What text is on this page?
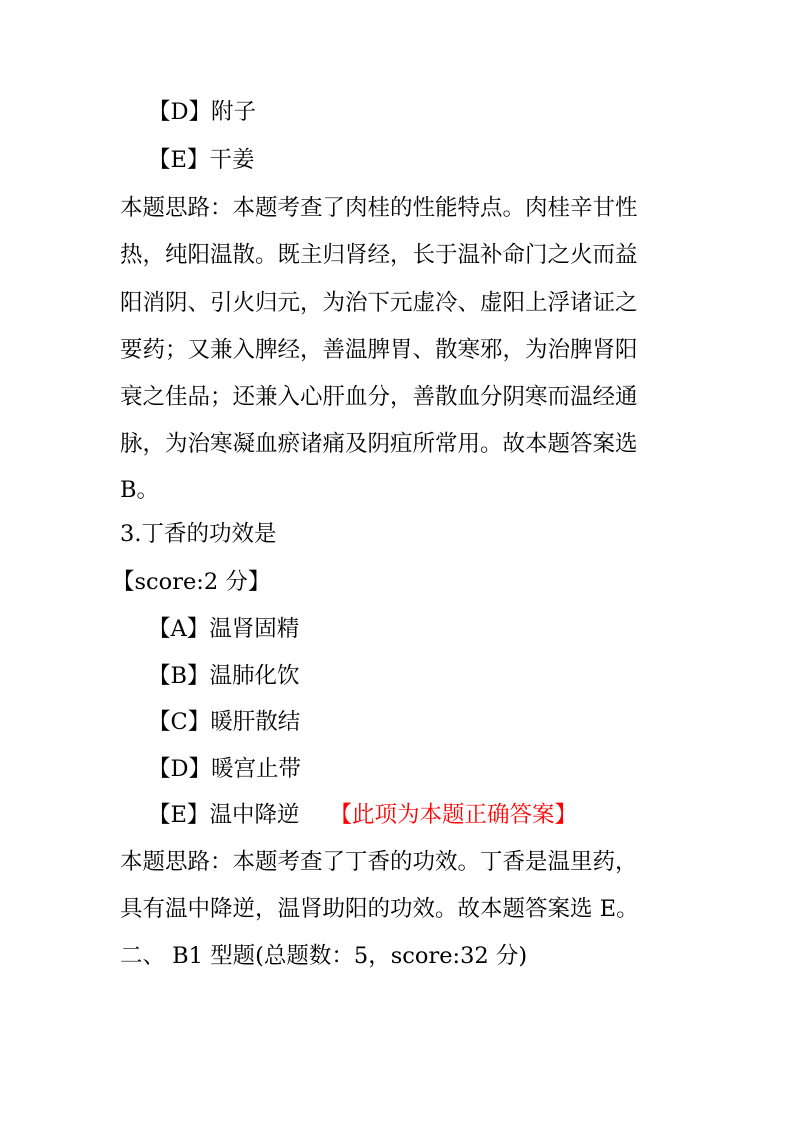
【D】附子
【E】干姜
本题思路：本题考查了肉桂的性能特点。肉桂辛甘性
热，纯阳温散。既主归肾经，长于温补命门之火而益
阳消阴、引火归元，为治下元虚冷、虚阳上浮诸证之
要药；又兼入脾经，善温脾胃、散寒邪，为治脾肾阳
衰之佳品；还兼入心肝血分，善散血分阴寒而温经通
脉，为治寒凝血瘀诸痛及阴疽所常用。故本题答案选
B。
3.丁香的功效是
【score:2 分】
【A】温肾固精
【B】温肺化饮
【C】暖肝散结
【D】暖宫止带
【E】温中降逆 【此项为本题正确答案】
本题思路：本题考查了丁香的功效。丁香是温里药，
具有温中降逆，温肾助阳的功效。故本题答案选 E。
二、 B1 型题(总题数：5，score:32 分)
